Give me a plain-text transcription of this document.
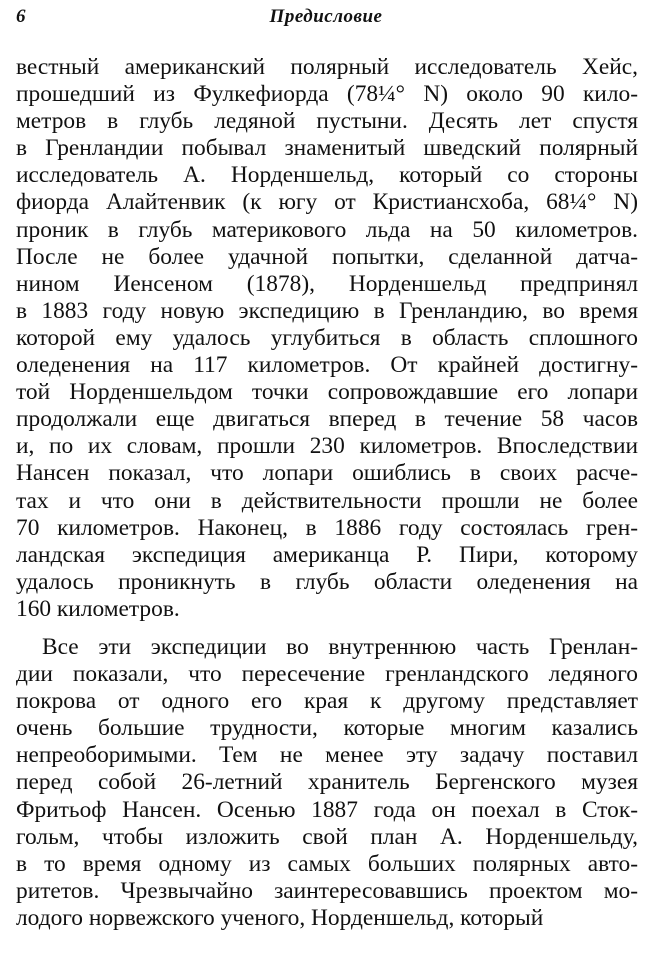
6	Предисловие
вестный американский полярный исследователь Хейс,
прошедший из Фулкефиорда (78¼° N) около 90 кило-
метров в глубь ледяной пустыни. Десять лет спустя
в Гренландии побывал знаменитый шведский полярный
исследователь А. Норденшельд, который со стороны
фиорда Алайтенвик (к югу от Кристиансхоба, 68¼° N)
проник в глубь материкового льда на 50 километров.
После не более удачной попытки, сделанной датча-
нином Иенсеном (1878), Норденшельд предпринял
в 1883 году новую экспедицию в Гренландию, во время
которой ему удалось углубиться в область сплошного
оледенения на 117 километров. От крайней достигну-
той Норденшельдом точки сопровождавшие его лопари
продолжали еще двигаться вперед в течение 58 часов
и, по их словам, прошли 230 километров. Впоследствии
Нансен показал, что лопари ошиблись в своих расче-
тах и что они в действительности прошли не более
70 километров. Наконец, в 1886 году состоялась грен-
ландская экспедиция американца Р. Пири, которому
удалось проникнуть в глубь области оледенения на
160 километров.
Все эти экспедиции во внутреннюю часть Гренлан-
дии показали, что пересечение гренландского ледяного
покрова от одного его края к другому представляет
очень большие трудности, которые многим казались
непреоборимыми. Тем не менее эту задачу поставил
перед собой 26-летний хранитель Бергенского музея
Фритьоф Нансен. Осенью 1887 года он поехал в Сток-
гольм, чтобы изложить свой план А. Норденшельду,
в то время одному из самых больших полярных авто-
ритетов. Чрезвычайно заинтересовавшись проектом мо-
лодого норвежского ученого, Норденшельд, который
